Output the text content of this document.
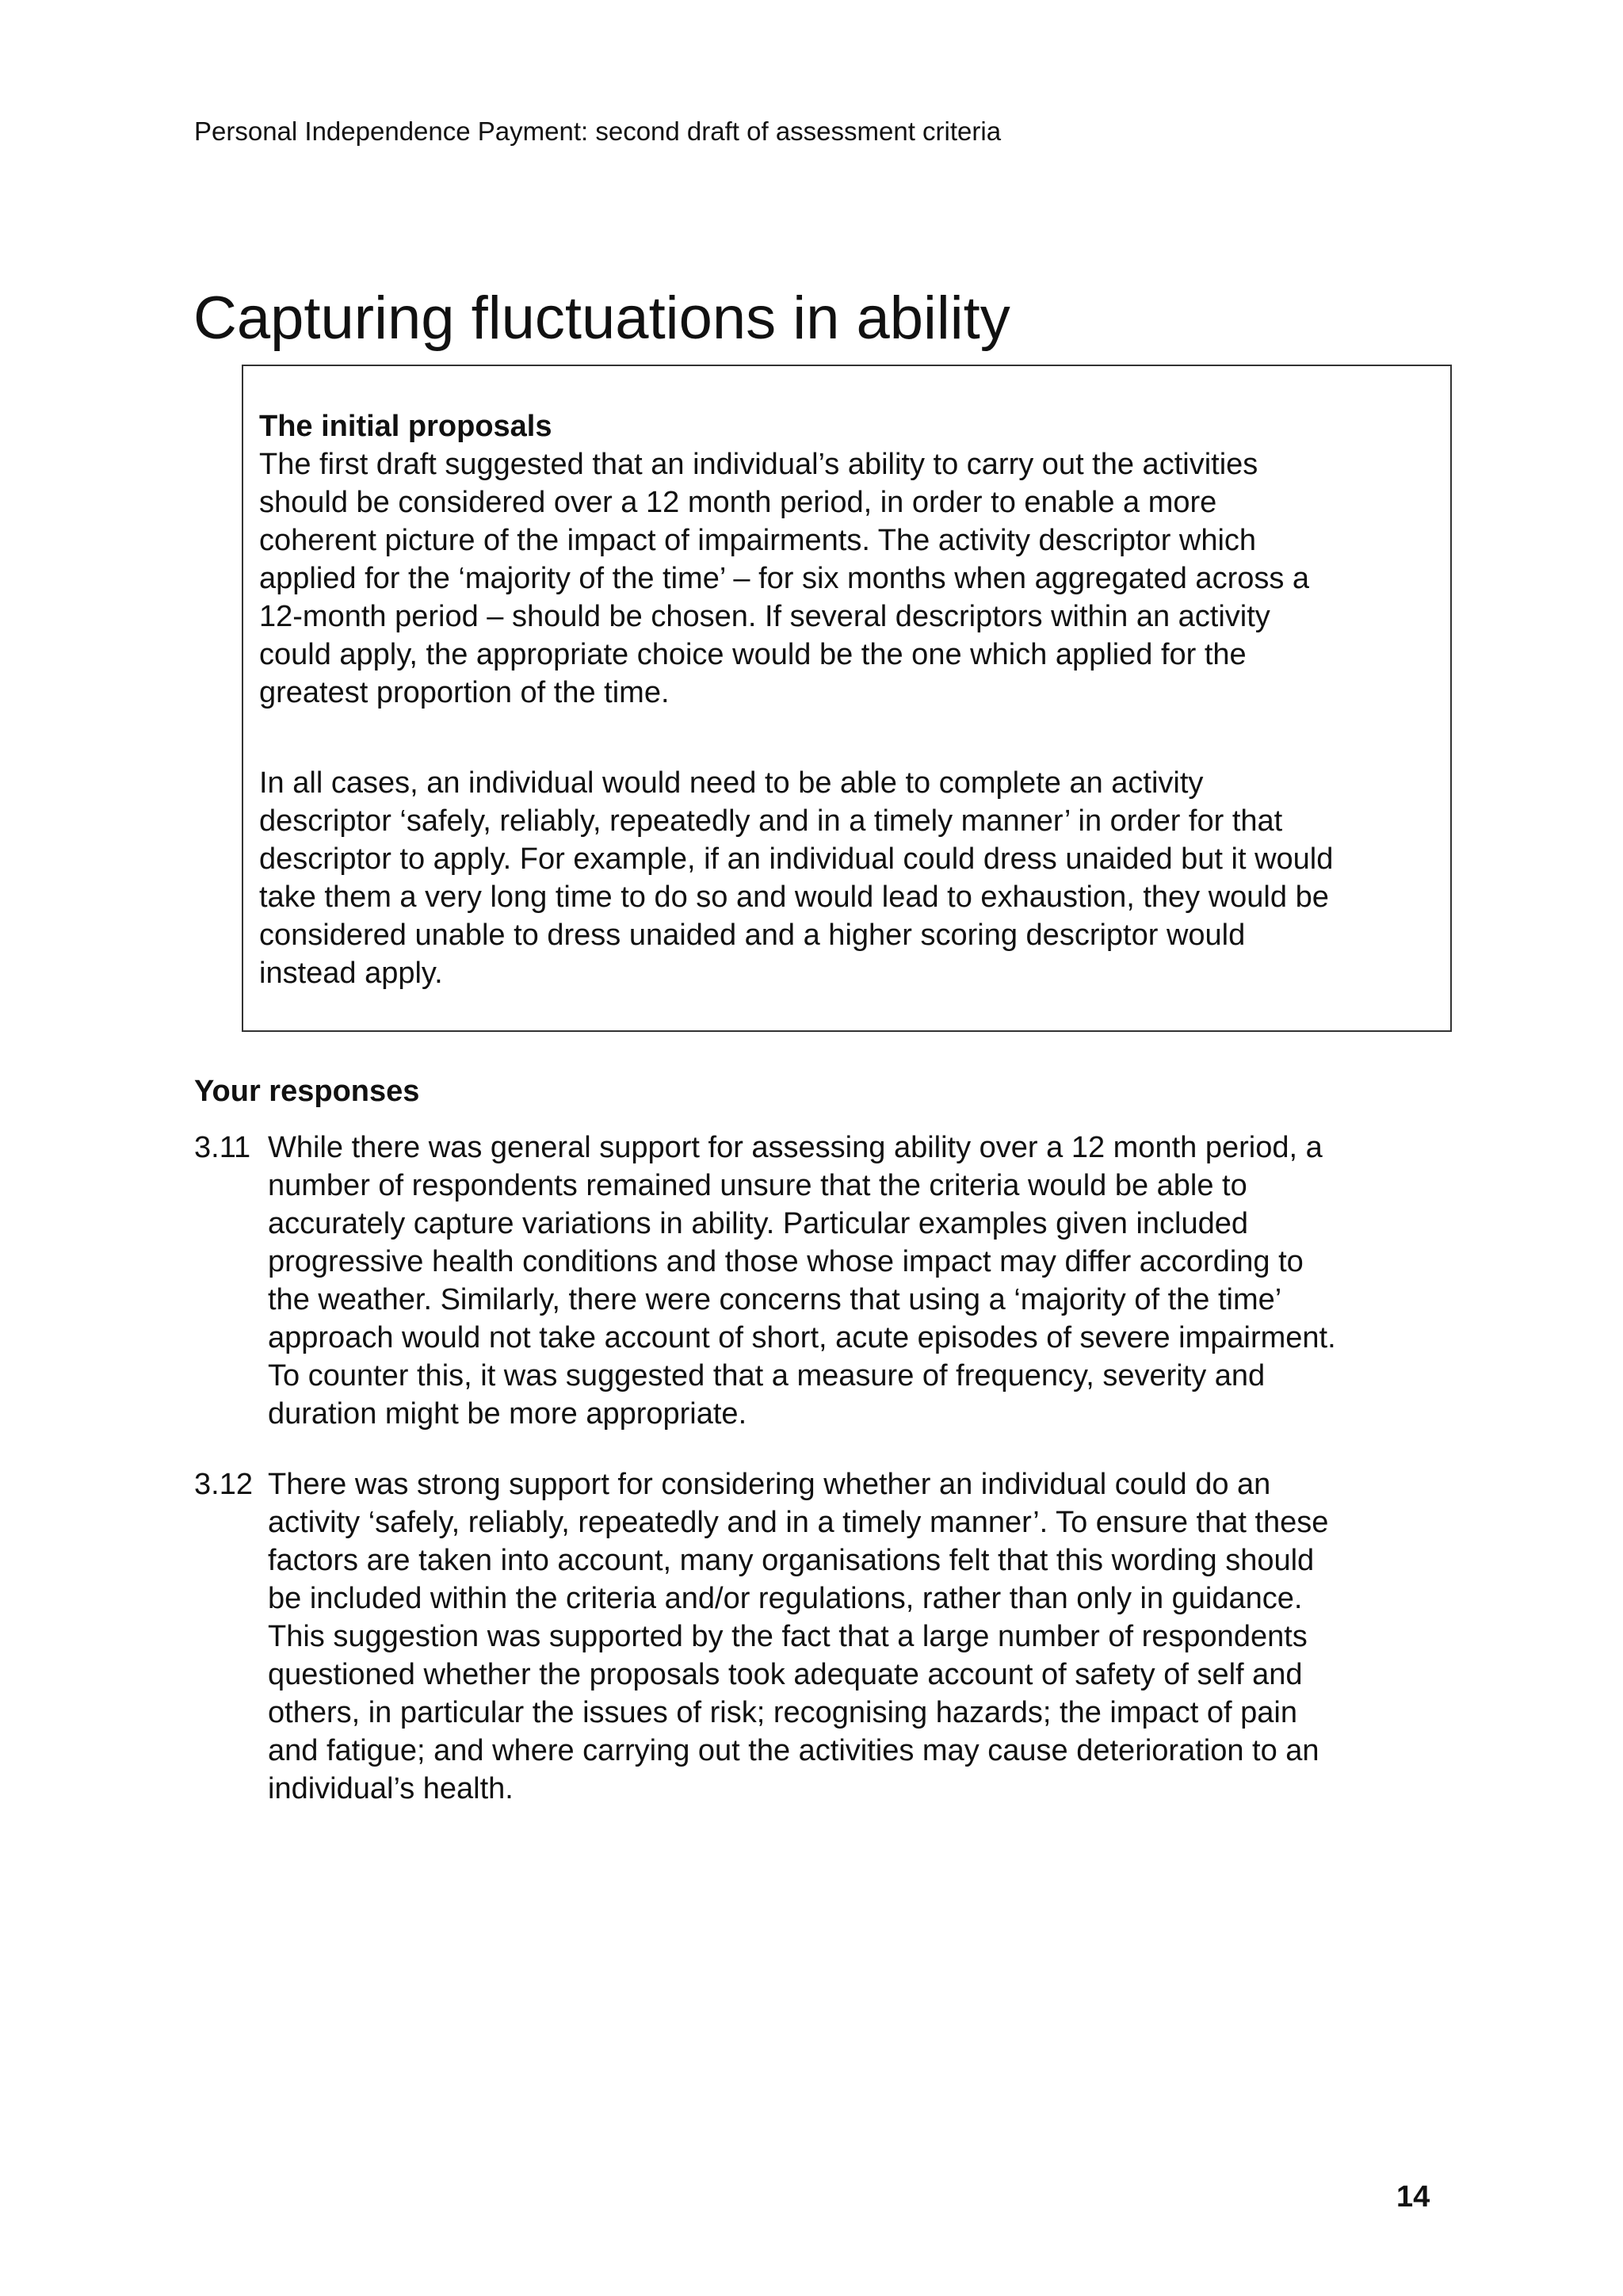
Personal Independence Payment: second draft of assessment criteria
Capturing fluctuations in ability
The initial proposals

The first draft suggested that an individual’s ability to carry out the activities

should be considered over a 12 month period, in order to enable a more

coherent picture of the impact of impairments. The activity descriptor which

applied for the ‘majority of the time’ – for six months when aggregated across a

12-month period – should be chosen. If several descriptors within an activity

could apply, the appropriate choice would be the one which applied for the

greatest proportion of the time.

In all cases, an individual would need to be able to complete an activity

descriptor ‘safely, reliably, repeatedly and in a timely manner’ in order for that

descriptor to apply. For example, if an individual could dress unaided but it would

take them a very long time to do so and would lead to exhaustion, they would be

considered unable to dress unaided and a higher scoring descriptor would

instead apply.

Your responses
3.11 While there was general support for assessing ability over a 12 month period, a

number of respondents remained unsure that the criteria would be able to

accurately capture variations in ability. Particular examples given included

progressive health conditions and those whose impact may differ according to

the weather. Similarly, there were concerns that using a ‘majority of the time’

approach would not take account of short, acute episodes of severe impairment.

To counter this, it was suggested that a measure of frequency, severity and

duration might be more appropriate.

3.12 There was strong support for considering whether an individual could do an

activity ‘safely, reliably, repeatedly and in a timely manner’. To ensure that these

factors are taken into account, many organisations felt that this wording should

be included within the criteria and/or regulations, rather than only in guidance.

This suggestion was supported by the fact that a large number of respondents

questioned whether the proposals took adequate account of safety of self and

others, in particular the issues of risk; recognising hazards; the impact of pain

and fatigue; and where carrying out the activities may cause deterioration to an

individual’s health.

14
